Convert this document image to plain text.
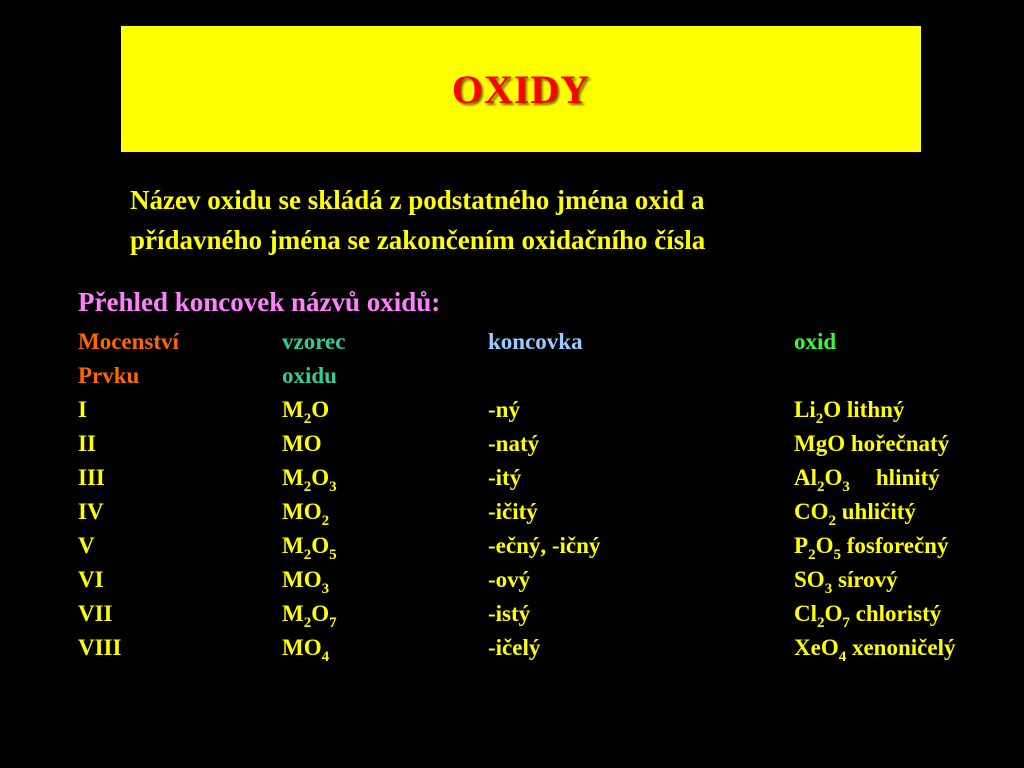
OXIDY
Název oxidu se skládá z podstatného jména oxid a
přídavného jména se zakončením oxidačního čísla
Přehled koncovek názvů oxidů:
Mocenství	vzorec	koncovka	oxid
Prvku	oxidu
I	$M_2O$	-ný	$Li_2O$ lithný
II	MO	-natý	MgO hořečnatý
III	$M_2O_3$	-itý	$Al_2O_3$ hlinitý
IV	$MO_2$	-ičitý	$CO_2$ uhličitý
V	$M_2O_5$	-ečný, -ičný	$P_2O_5$ fosforečný
VI	$MO_3$	-ový	$SO_3$ sírový
VII	$M_2O_7$	-istý	$Cl_2O_7$ chloristý
VIII	$MO_4$	-ičelý	XeO$_4$ xenoničelý
